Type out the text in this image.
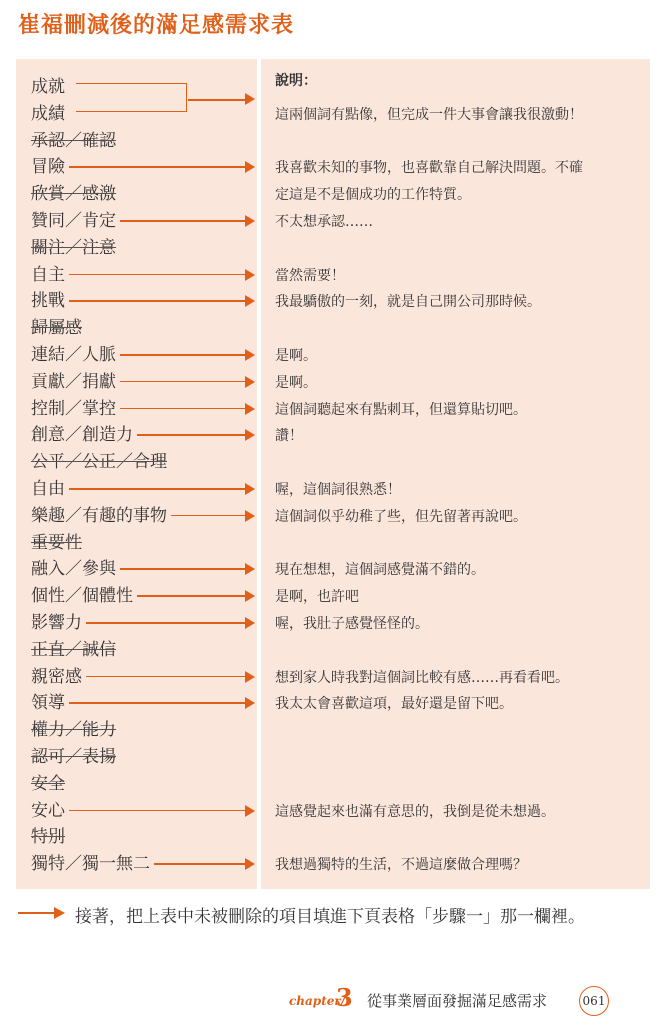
崔福刪減後的滿足感需求表
說明：
成就
成績	這兩個詞有點像，但完成一件大事會讓我很激動！
承認／確認
冒險	我喜歡未知的事物，也喜歡靠自己解決問題。不確
欣賞／感激	定這是不是個成功的工作特質。
贊同／肯定	不太想承認……
關注／注意
自主	當然需要！
挑戰	我最驕傲的一刻，就是自己開公司那時候。
歸屬感
連結／人脈	是啊。
貢獻／捐獻	是啊。
控制／掌控	這個詞聽起來有點刺耳，但還算貼切吧。
創意／創造力	讚！
公平／公正／合理
自由	喔，這個詞很熟悉！
樂趣／有趣的事物	這個詞似乎幼稚了些，但先留著再說吧。
重要性
融入／參與	現在想想，這個詞感覺滿不錯的。
個性／個體性	是啊，也許吧
影響力	喔，我肚子感覺怪怪的。
正直／誠信
親密感	想到家人時我對這個詞比較有感……再看看吧。
領導	我太太會喜歡這項，最好還是留下吧。
權力／能力
認可／表揚
安全
安心	這感覺起來也滿有意思的，我倒是從未想過。
特別
獨特／獨一無二	我想過獨特的生活，不過這麼做合理嗎？
接著，把上表中未被刪除的項目填進下頁表格「步驟一」那一欄裡。
chapter/
3 從事業層面發掘滿足感需求	061
